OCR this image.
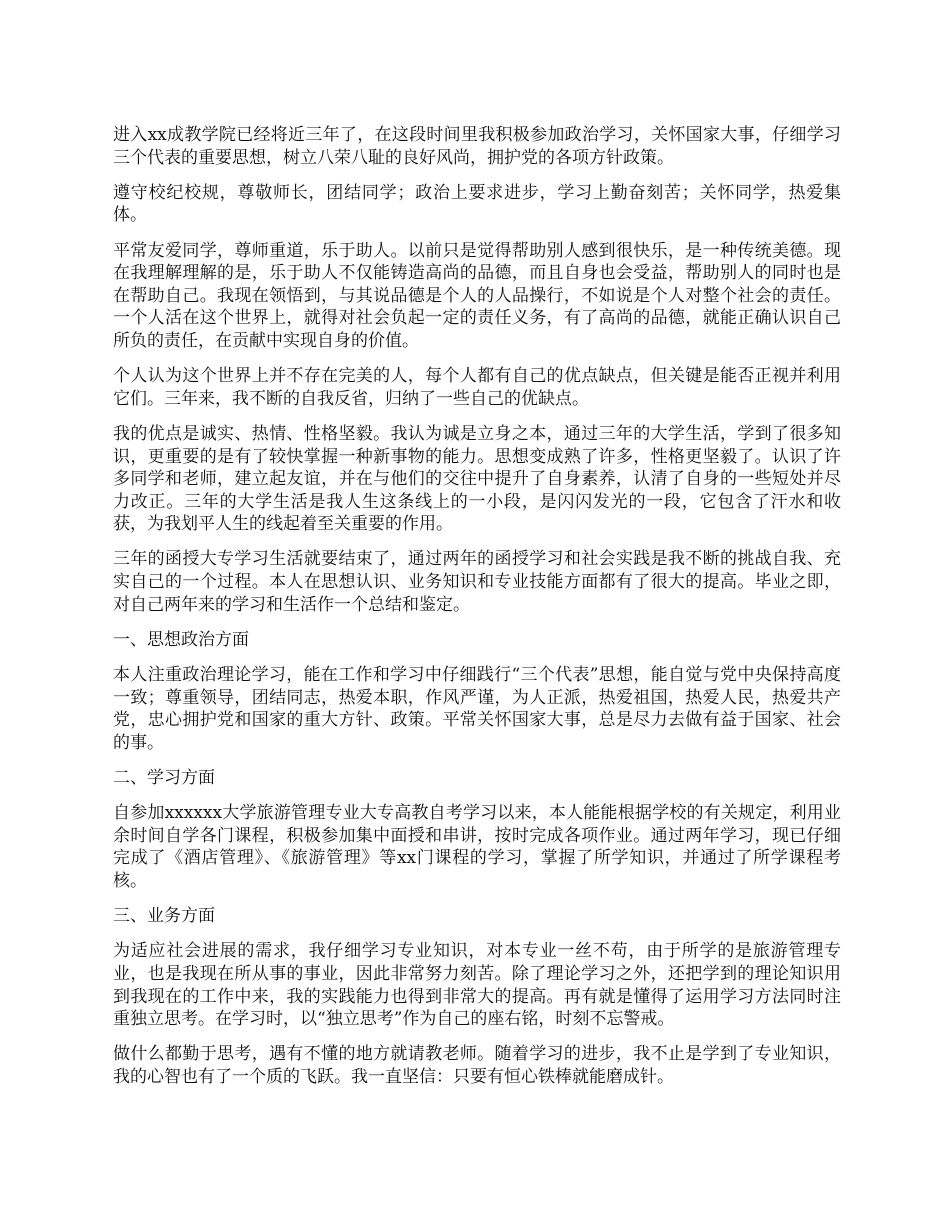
进入xx成教学院已经将近三年了，在这段时间里我积极参加政治学习，关怀国家大事，仔细学习三个代表的重要思想，树立八荣八耻的良好风尚，拥护党的各项方针政策。

遵守校纪校规，尊敬师长，团结同学；政治上要求进步，学习上勤奋刻苦；关怀同学，热爱集体。

平常友爱同学，尊师重道，乐于助人。以前只是觉得帮助别人感到很快乐，是一种传统美德。现在我理解理解的是，乐于助人不仅能铸造高尚的品德，而且自身也会受益，帮助别人的同时也是在帮助自己。我现在领悟到，与其说品德是个人的人品操行，不如说是个人对整个社会的责任。一个人活在这个世界上，就得对社会负起一定的责任义务，有了高尚的品德，就能正确认识自己所负的责任，在贡献中实现自身的价值。

个人认为这个世界上并不存在完美的人，每个人都有自己的优点缺点，但关键是能否正视并利用它们。三年来，我不断的自我反省，归纳了一些自己的优缺点。

我的优点是诚实、热情、性格坚毅。我认为诚是立身之本，通过三年的大学生活，学到了很多知识，更重要的是有了较快掌握一种新事物的能力。思想变成熟了许多，性格更坚毅了。认识了许多同学和老师，建立起友谊，并在与他们的交往中提升了自身素养，认清了自身的一些短处并尽力改正。三年的大学生活是我人生这条线上的一小段，是闪闪发光的一段，它包含了汗水和收获，为我划平人生的线起着至关重要的作用。

三年的函授大专学习生活就要结束了，通过两年的函授学习和社会实践是我不断的挑战自我、充实自己的一个过程。本人在思想认识、业务知识和专业技能方面都有了很大的提高。毕业之即，对自己两年来的学习和生活作一个总结和鉴定。

一、思想政治方面

本人注重政治理论学习，能在工作和学习中仔细践行“三个代表”思想，能自觉与党中央保持高度一致；尊重领导，团结同志，热爱本职，作风严谨，为人正派，热爱祖国，热爱人民，热爱共产党，忠心拥护党和国家的重大方针、政策。平常关怀国家大事，总是尽力去做有益于国家、社会的事。

二、学习方面

自参加xxxxxx大学旅游管理专业大专高教自考学习以来，本人能能根据学校的有关规定，利用业余时间自学各门课程，积极参加集中面授和串讲，按时完成各项作业。通过两年学习，现已仔细完成了《酒店管理》、《旅游管理》等xx门课程的学习，掌握了所学知识，并通过了所学课程考核。

三、业务方面

为适应社会进展的需求，我仔细学习专业知识，对本专业一丝不苟，由于所学的是旅游管理专业，也是我现在所从事的事业，因此非常努力刻苦。除了理论学习之外，还把学到的理论知识用到我现在的工作中来，我的实践能力也得到非常大的提高。再有就是懂得了运用学习方法同时注重独立思考。在学习时，以“独立思考”作为自己的座右铭，时刻不忘警戒。

做什么都勤于思考，遇有不懂的地方就请教老师。随着学习的进步，我不止是学到了专业知识，我的心智也有了一个质的飞跃。我一直坚信：只要有恒心铁棒就能磨成针。
